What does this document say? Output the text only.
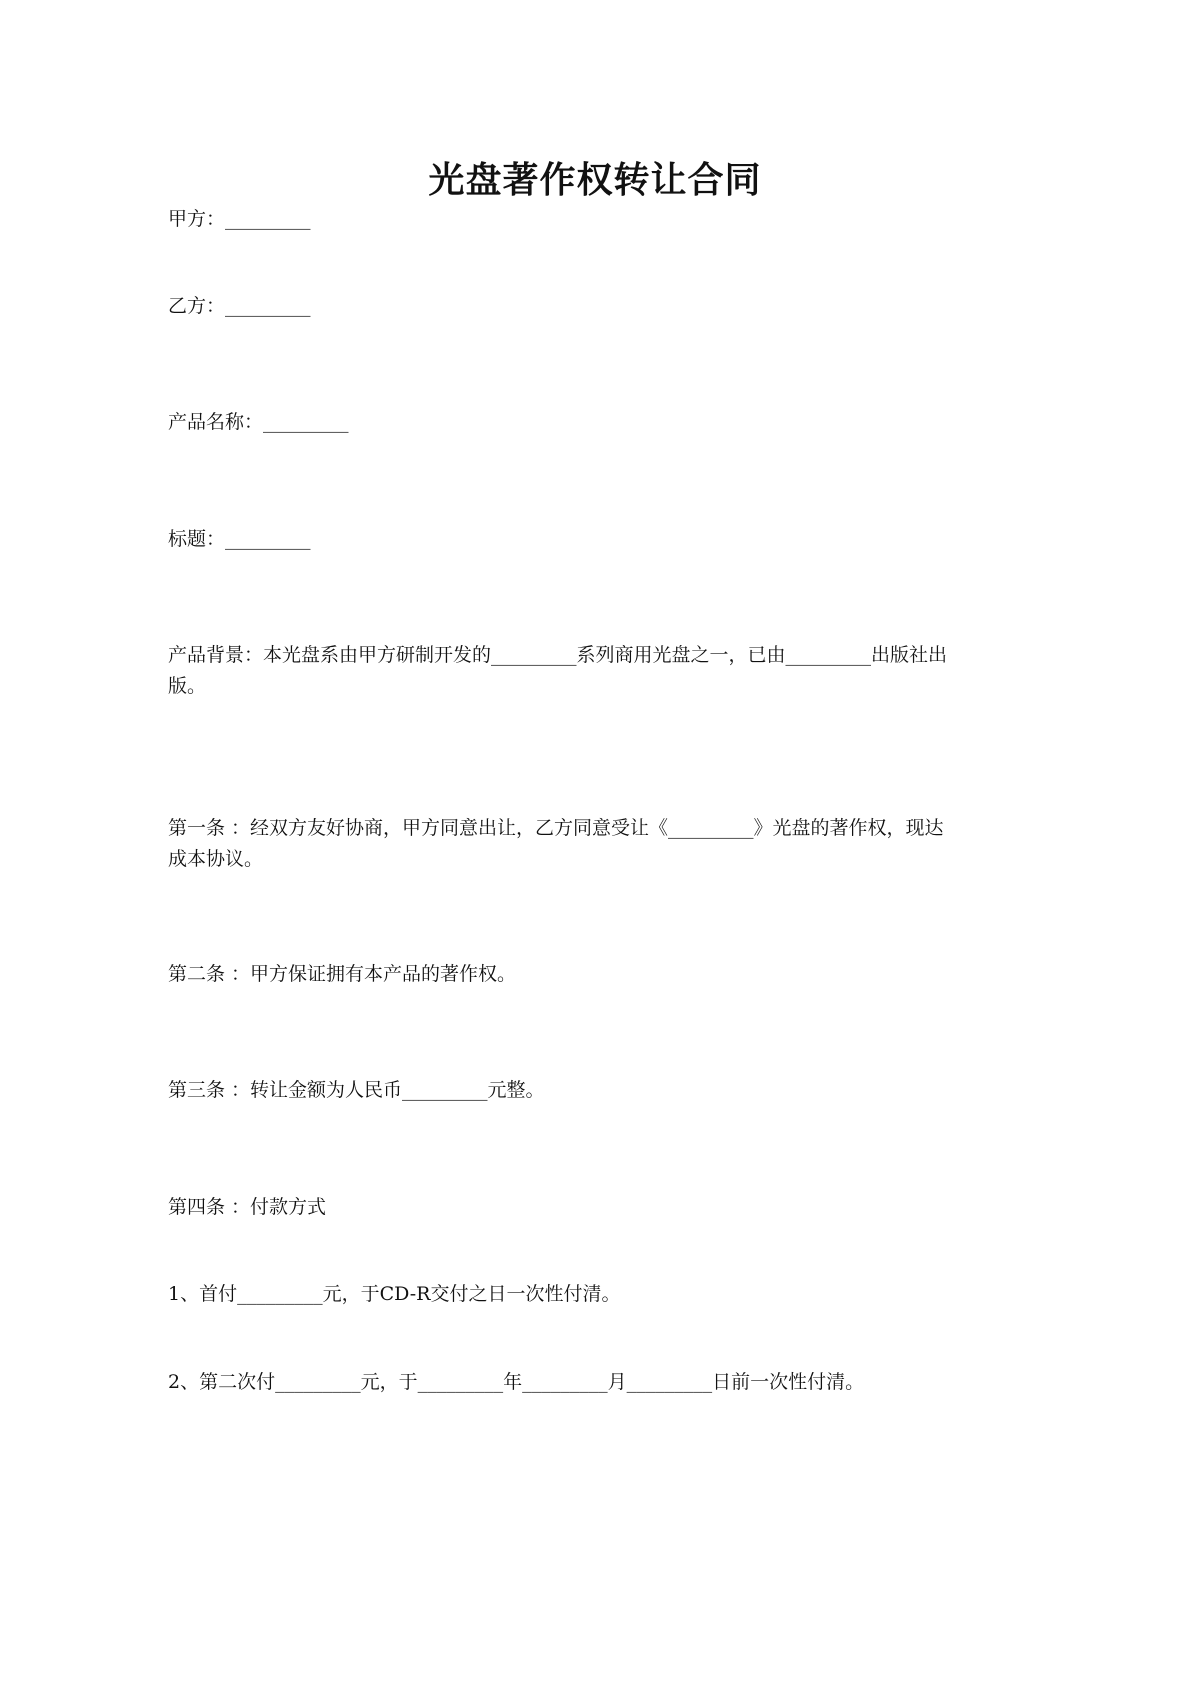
光盘著作权转让合同
甲方：_________
乙方：_________
产品名称：_________
标题：_________
产品背景：本光盘系由甲方研制开发的_________系列商用光盘之一，已由_________出版社出版。
第一条 ：经双方友好协商，甲方同意出让，乙方同意受让《_________》光盘的著作权，现达成本协议。
第二条 ：甲方保证拥有本产品的著作权。
第三条 ：转让金额为人民币_________元整。
第四条 ：付款方式
1、首付_________元，于CD-R交付之日一次性付清。
2、第二次付_________元，于_________年_________月_________日前一次性付清。
